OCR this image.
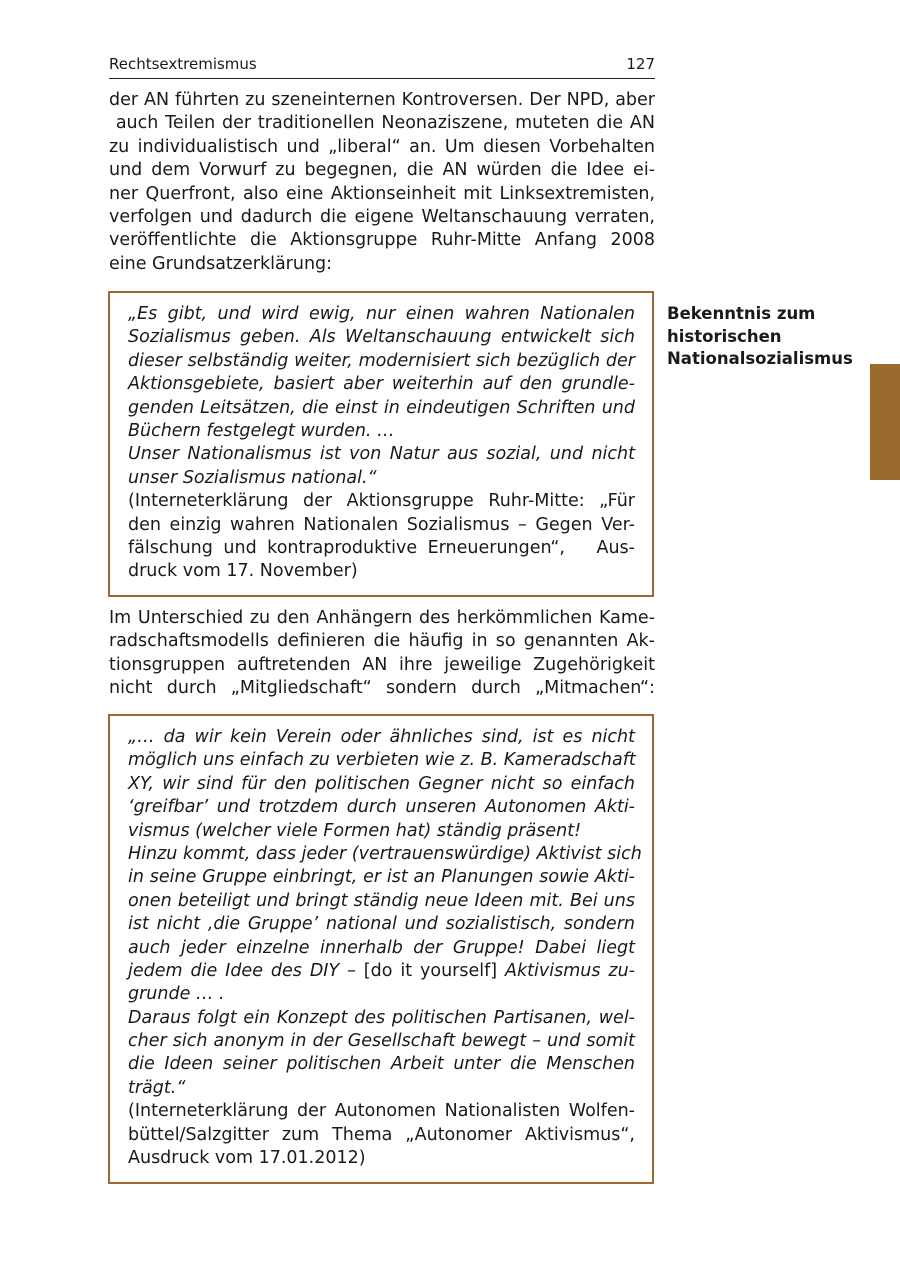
Rechtsextremismus	127
der AN führten zu szeneinternen Kontroversen. Der NPD, aber
auch Teilen der traditionellen Neonaziszene, muteten die AN
zu individualistisch und „liberal“ an. Um diesen Vorbehalten
und dem Vorwurf zu begegnen, die AN würden die Idee ei-
ner Querfront, also eine Aktionseinheit mit Linksextremisten,
verfolgen und dadurch die eigene Weltanschauung verraten,
veröffentlichte die Aktionsgruppe Ruhr-Mitte Anfang 2008
eine Grundsatzerklärung:
„Es gibt, und wird ewig, nur einen wahren Nationalen
Sozialismus geben. Als Weltanschauung entwickelt sich
dieser selbständig weiter, modernisiert sich bezüglich der
Aktionsgebiete, basiert aber weiterhin auf den grundle-
genden Leitsätzen, die einst in eindeutigen Schriften und
Büchern festgelegt wurden. …
Unser Nationalismus ist von Natur aus sozial, und nicht
unser Sozialismus national.“
(Interneterklärung der Aktionsgruppe Ruhr-Mitte: „Für
den einzig wahren Nationalen Sozialismus – Gegen Ver-
fälschung und kontraproduktive Erneuerungen“,   Aus-
druck vom 17. November)
Bekenntnis zum
historischen
Nationalsozialismus
Im Unterschied zu den Anhängern des herkömmlichen Kame-
radschaftsmodells definieren die häufig in so genannten Ak-
tionsgruppen auftretenden AN ihre jeweilige Zugehörigkeit
nicht durch „Mitgliedschaft“ sondern durch „Mitmachen“:
„… da wir kein Verein oder ähnliches sind, ist es nicht
möglich uns einfach zu verbieten wie z. B. Kameradschaft
XY, wir sind für den politischen Gegner nicht so einfach
‘greifbar’ und trotzdem durch unseren Autonomen Akti-
vismus (welcher viele Formen hat) ständig präsent!
Hinzu kommt, dass jeder (vertrauenswürdige) Aktivist sich
in seine Gruppe einbringt, er ist an Planungen sowie Akti-
onen beteiligt und bringt ständig neue Ideen mit. Bei uns
ist nicht ‚die Gruppe’ national und sozialistisch, sondern
auch jeder einzelne innerhalb der Gruppe! Dabei liegt
jedem die Idee des DIY – [do it yourself] Aktivismus zu-
grunde … .
Daraus folgt ein Konzept des politischen Partisanen, wel-
cher sich anonym in der Gesellschaft bewegt – und somit
die Ideen seiner politischen Arbeit unter die Menschen
trägt.“
(Interneterklärung der Autonomen Nationalisten Wolfen-
büttel/Salzgitter zum Thema „Autonomer Aktivismus“,
Ausdruck vom 17.01.2012)
